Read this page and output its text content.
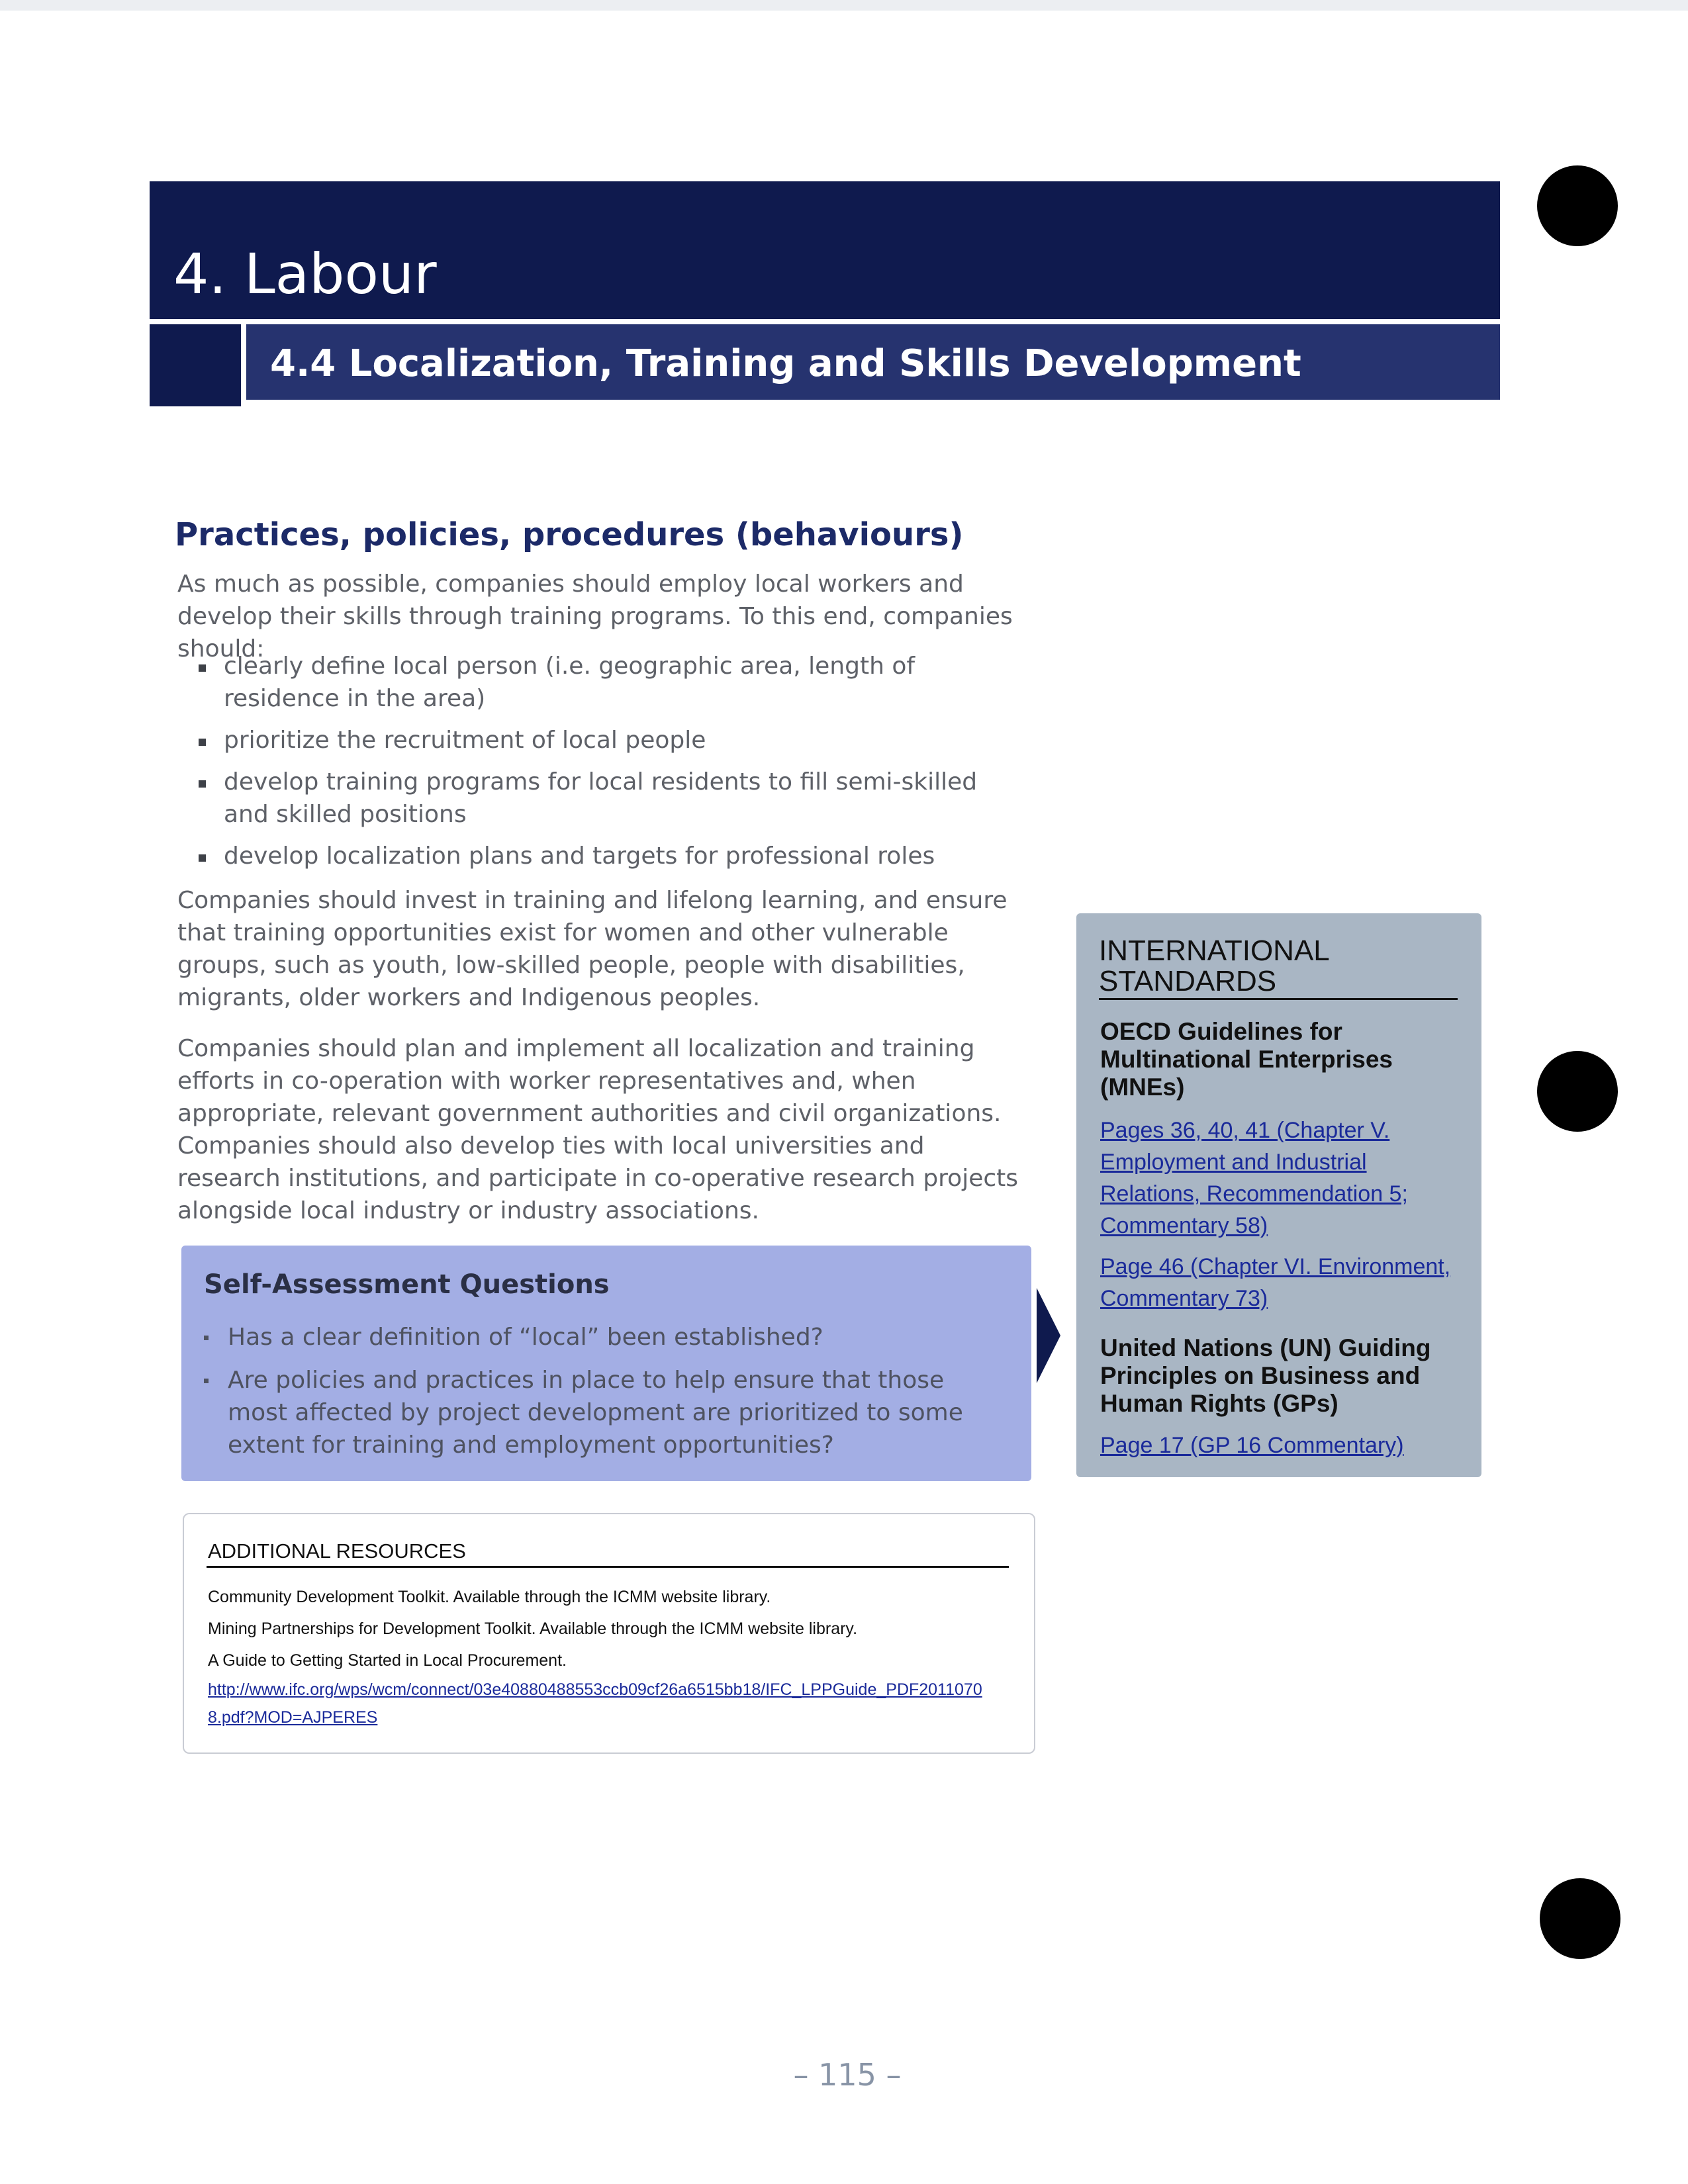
4. Labour
4.4 Localization, Training and Skills Development
Practices, policies, procedures (behaviours)
As much as possible, companies should employ local workers and develop their skills through training programs. To this end, companies should:
clearly define local person (i.e. geographic area, length of residence in the area)
prioritize the recruitment of local people
develop training programs for local residents to fill semi-skilled and skilled positions
develop localization plans and targets for professional roles
Companies should invest in training and lifelong learning, and ensure that training opportunities exist for women and other vulnerable groups, such as youth, low-skilled people, people with disabilities, migrants, older workers and Indigenous peoples.
Companies should plan and implement all localization and training efforts in co-operation with worker representatives and, when appropriate, relevant government authorities and civil organizations. Companies should also develop ties with local universities and research institutions, and participate in co-operative research projects alongside local industry or industry associations.
Self-Assessment Questions
Has a clear definition of “local” been established?
Are policies and practices in place to help ensure that those most affected by project development are prioritized to some extent for training and employment opportunities?
ADDITIONAL RESOURCES
Community Development Toolkit. Available through the ICMM website library.
Mining Partnerships for Development Toolkit. Available through the ICMM website library.
A Guide to Getting Started in Local Procurement.
http://www.ifc.org/wps/wcm/connect/03e40880488553ccb09cf26a6515bb18/IFC_LPPGuide_PDF20110708.pdf?MOD=AJPERES
INTERNATIONAL STANDARDS
OECD Guidelines for Multinational Enterprises (MNEs)
Pages 36, 40, 41 (Chapter V. Employment and Industrial Relations, Recommendation 5; Commentary 58)
Page 46 (Chapter VI. Environment, Commentary 73)
United Nations (UN) Guiding Principles on Business and Human Rights (GPs)
Page 17 (GP 16 Commentary)
– 115 –
